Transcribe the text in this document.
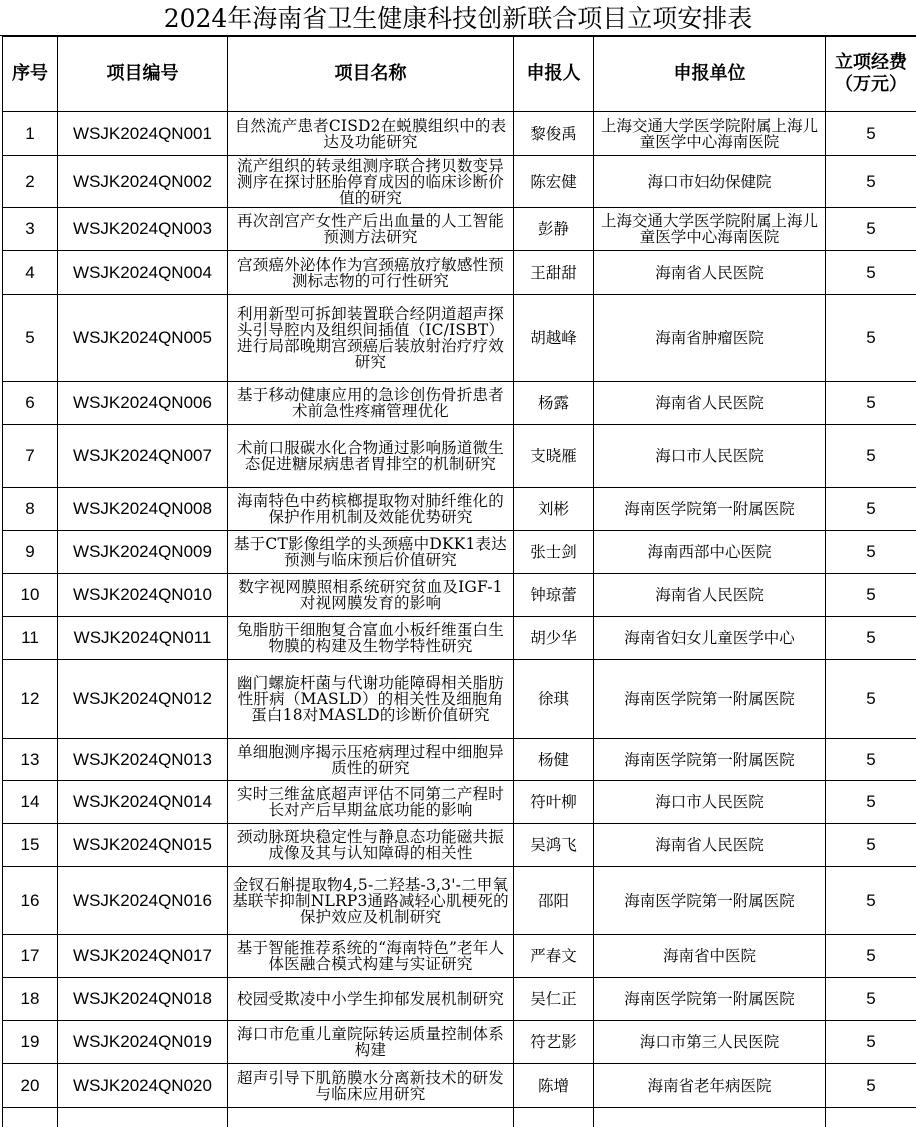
2024年海南省卫生健康科技创新联合项目立项安排表
序号	项目编号	项目名称	申报人	申报单位	立项经费（万元）
1	WSJK2024QN001	自然流产患者CISD2在蜕膜组织中的表达及功能研究	黎俊禹	上海交通大学医学院附属上海儿童医学中心海南医院	5
2	WSJK2024QN002	流产组织的转录组测序联合拷贝数变异测序在探讨胚胎停育成因的临床诊断价值的研究	陈宏健	海口市妇幼保健院	5
3	WSJK2024QN003	再次剖宫产女性产后出血量的人工智能预测方法研究	彭静	上海交通大学医学院附属上海儿童医学中心海南医院	5
4	WSJK2024QN004	宫颈癌外泌体作为宫颈癌放疗敏感性预测标志物的可行性研究	王甜甜	海南省人民医院	5
5	WSJK2024QN005	利用新型可拆卸装置联合经阴道超声探头引导腔内及组织间插值（IC/ISBT）进行局部晚期宫颈癌后装放射治疗疗效研究	胡越峰	海南省肿瘤医院	5
6	WSJK2024QN006	基于移动健康应用的急诊创伤骨折患者术前急性疼痛管理优化	杨露	海南省人民医院	5
7	WSJK2024QN007	术前口服碳水化合物通过影响肠道微生态促进糖尿病患者胃排空的机制研究	支晓雁	海口市人民医院	5
8	WSJK2024QN008	海南特色中药槟榔提取物对肺纤维化的保护作用机制及效能优势研究	刘彬	海南医学院第一附属医院	5
9	WSJK2024QN009	基于CT影像组学的头颈癌中DKK1表达预测与临床预后价值研究	张士剑	海南西部中心医院	5
10	WSJK2024QN010	数字视网膜照相系统研究贫血及IGF-1对视网膜发育的影响	钟琼蕾	海南省人民医院	5
11	WSJK2024QN011	兔脂肪干细胞复合富血小板纤维蛋白生物膜的构建及生物学特性研究	胡少华	海南省妇女儿童医学中心	5
12	WSJK2024QN012	幽门螺旋杆菌与代谢功能障碍相关脂肪性肝病（MASLD）的相关性及细胞角蛋白18对MASLD的诊断价值研究	徐琪	海南医学院第一附属医院	5
13	WSJK2024QN013	单细胞测序揭示压疮病理过程中细胞异质性的研究	杨健	海南医学院第一附属医院	5
14	WSJK2024QN014	实时三维盆底超声评估不同第二产程时长对产后早期盆底功能的影响	符叶柳	海口市人民医院	5
15	WSJK2024QN015	颈动脉斑块稳定性与静息态功能磁共振成像及其与认知障碍的相关性	吴鸿飞	海南省人民医院	5
16	WSJK2024QN016	金钗石斛提取物4,5-二羟基-3,3'-二甲氧基联苄抑制NLRP3通路减轻心肌梗死的保护效应及机制研究	邵阳	海南医学院第一附属医院	5
17	WSJK2024QN017	基于智能推荐系统的“海南特色”老年人体医融合模式构建与实证研究	严春文	海南省中医院	5
18	WSJK2024QN018	校园受欺凌中小学生抑郁发展机制研究	吴仁正	海南医学院第一附属医院	5
19	WSJK2024QN019	海口市危重儿童院际转运质量控制体系构建	符艺影	海口市第三人民医院	5
20	WSJK2024QN020	超声引导下肌筋膜水分离新技术的研发与临床应用研究	陈增	海南省老年病医院	5
